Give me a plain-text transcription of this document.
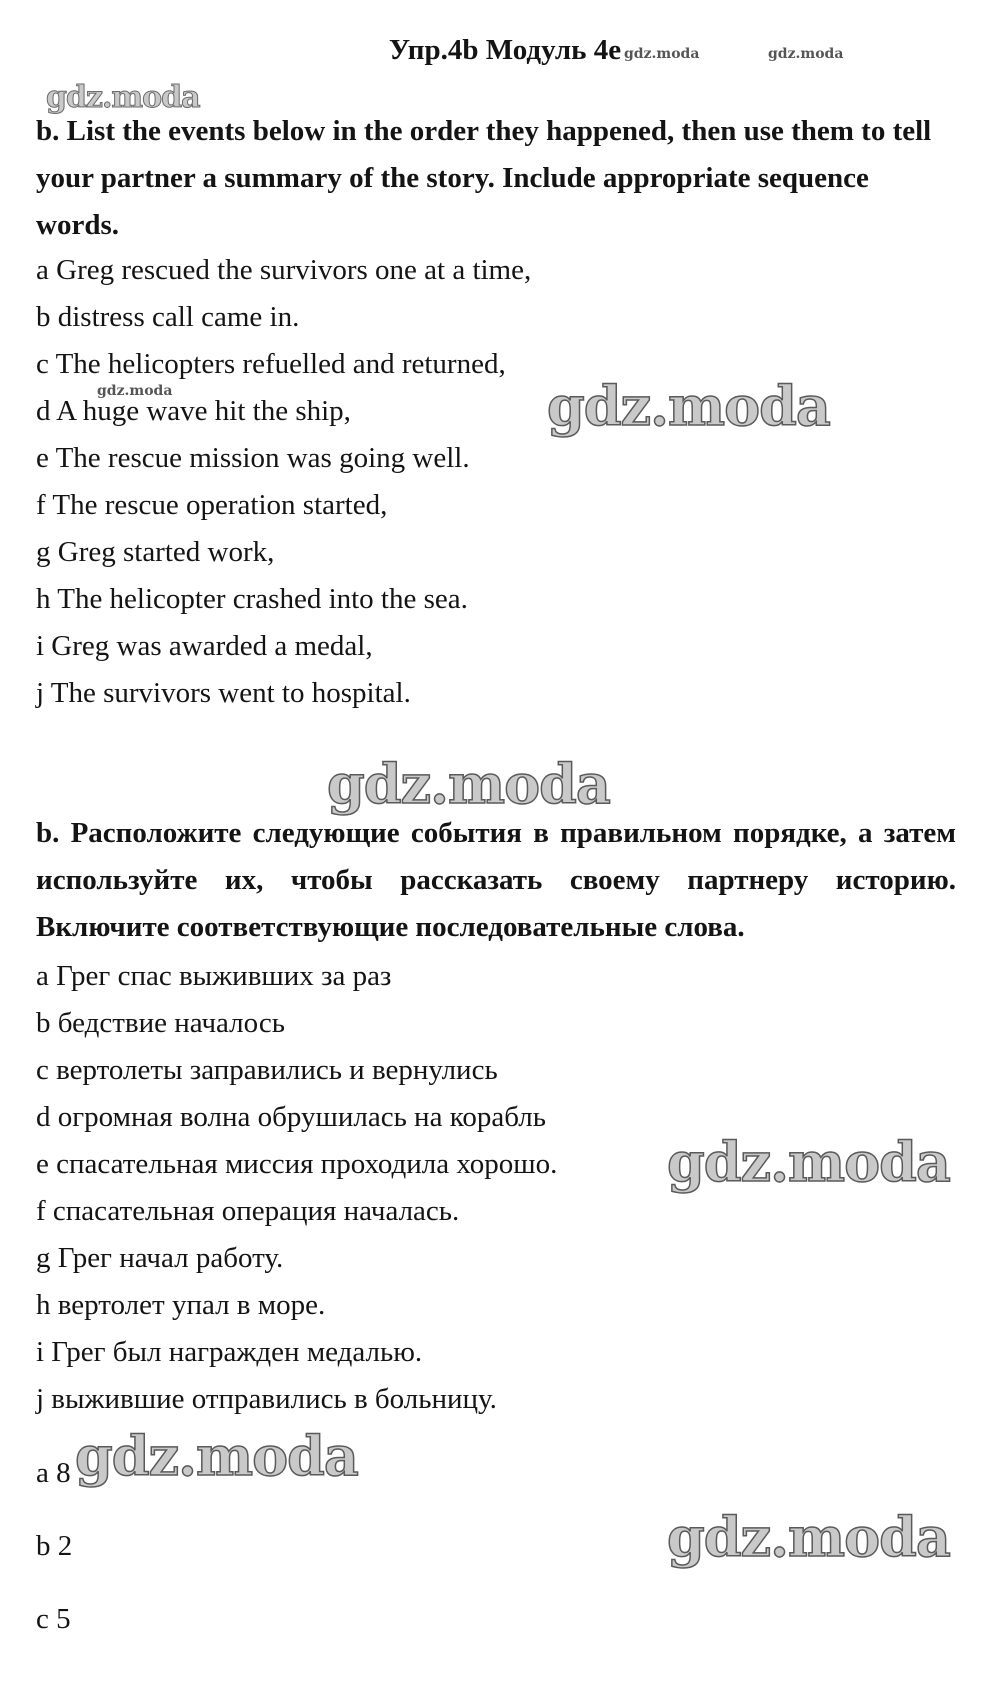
Упр.4b Модуль 4e
b. List the events below in the order they happened, then use them to tell your partner a summary of the story. Include appropriate sequence words.
a Greg rescued the survivors one at a time,
b distress call came in.
c The helicopters refuelled and returned,
d A huge wave hit the ship,
e The rescue mission was going well.
f The rescue operation started,
g Greg started work,
h The helicopter crashed into the sea.
i Greg was awarded a medal,
j The survivors went to hospital.
b. Расположите следующие события в правильном порядке, а затем используйте их, чтобы рассказать своему партнеру историю. Включите соответствующие последовательные слова.
a Грег спас выживших за раз
b бедствие началось
c вертолеты заправились и вернулись
d огромная волна обрушилась на корабль
e спасательная миссия проходила хорошо.
f спасательная операция началась.
g Грег начал работу.
h вертолет упал в море.
i Грег был награжден медалью.
j выжившие отправились в больницу.
a 8
b 2
c 5
gdz.moda	gdz.moda
gdz.moda
gdz.moda	gdz.moda
gdz.moda
gdz.moda
gdz.moda
gdz.moda
